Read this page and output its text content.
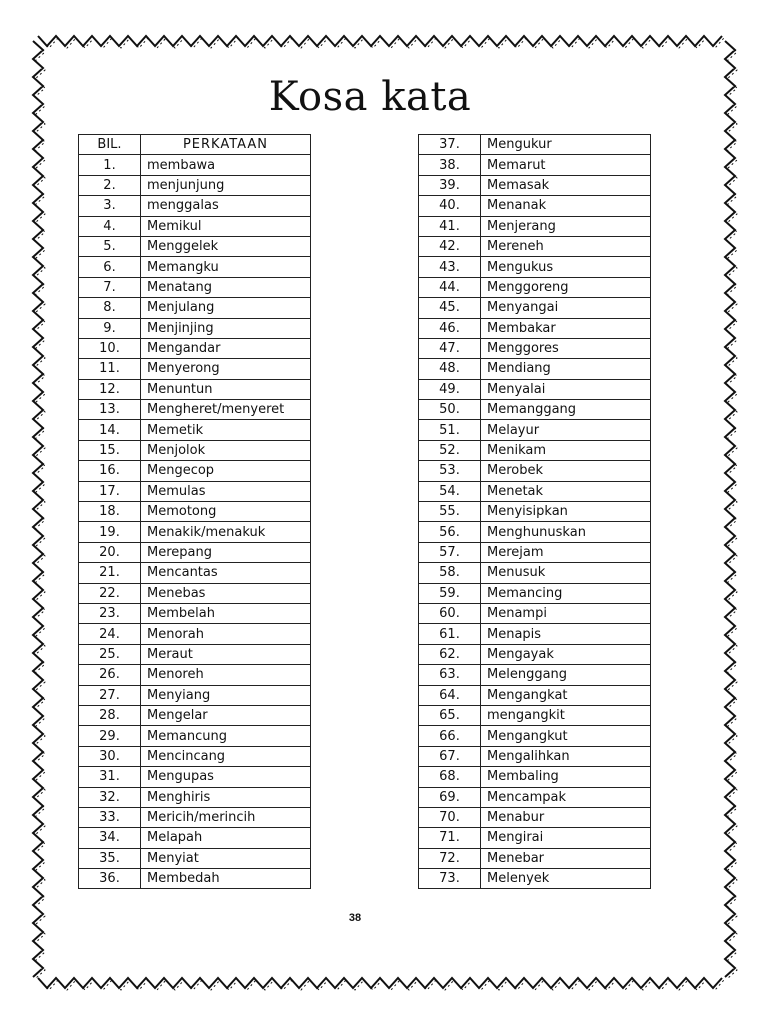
Kosa kata
BIL.	PERKATAAN
1.	membawa
2.	menjunjung
3.	menggalas
4.	Memikul
5.	Menggelek
6.	Memangku
7.	Menatang
8.	Menjulang
9.	Menjinjing
10.	Mengandar
11.	Menyerong
12.	Menuntun
13.	Mengheret/menyeret
14.	Memetik
15.	Menjolok
16.	Mengecop
17.	Memulas
18.	Memotong
19.	Menakik/menakuk
20.	Merepang
21.	Mencantas
22.	Menebas
23.	Membelah
24.	Menorah
25.	Meraut
26.	Menoreh
27.	Menyiang
28.	Mengelar
29.	Memancung
30.	Mencincang
31.	Mengupas
32.	Menghiris
33.	Mericih/merincih
34.	Melapah
35.	Menyiat
36.	Membedah
37.	Mengukur
38.	Memarut
39.	Memasak
40.	Menanak
41.	Menjerang
42.	Mereneh
43.	Mengukus
44.	Menggoreng
45.	Menyangai
46.	Membakar
47.	Menggores
48.	Mendiang
49.	Menyalai
50.	Memanggang
51.	Melayur
52.	Menikam
53.	Merobek
54.	Menetak
55.	Menyisipkan
56.	Menghunuskan
57.	Merejam
58.	Menusuk
59.	Memancing
60.	Menampi
61.	Menapis
62.	Mengayak
63.	Melenggang
64.	Mengangkat
65.	mengangkit
66.	Mengangkut
67.	Mengalihkan
68.	Membaling
69.	Mencampak
70.	Menabur
71.	Mengirai
72.	Menebar
73.	Melenyek
38
